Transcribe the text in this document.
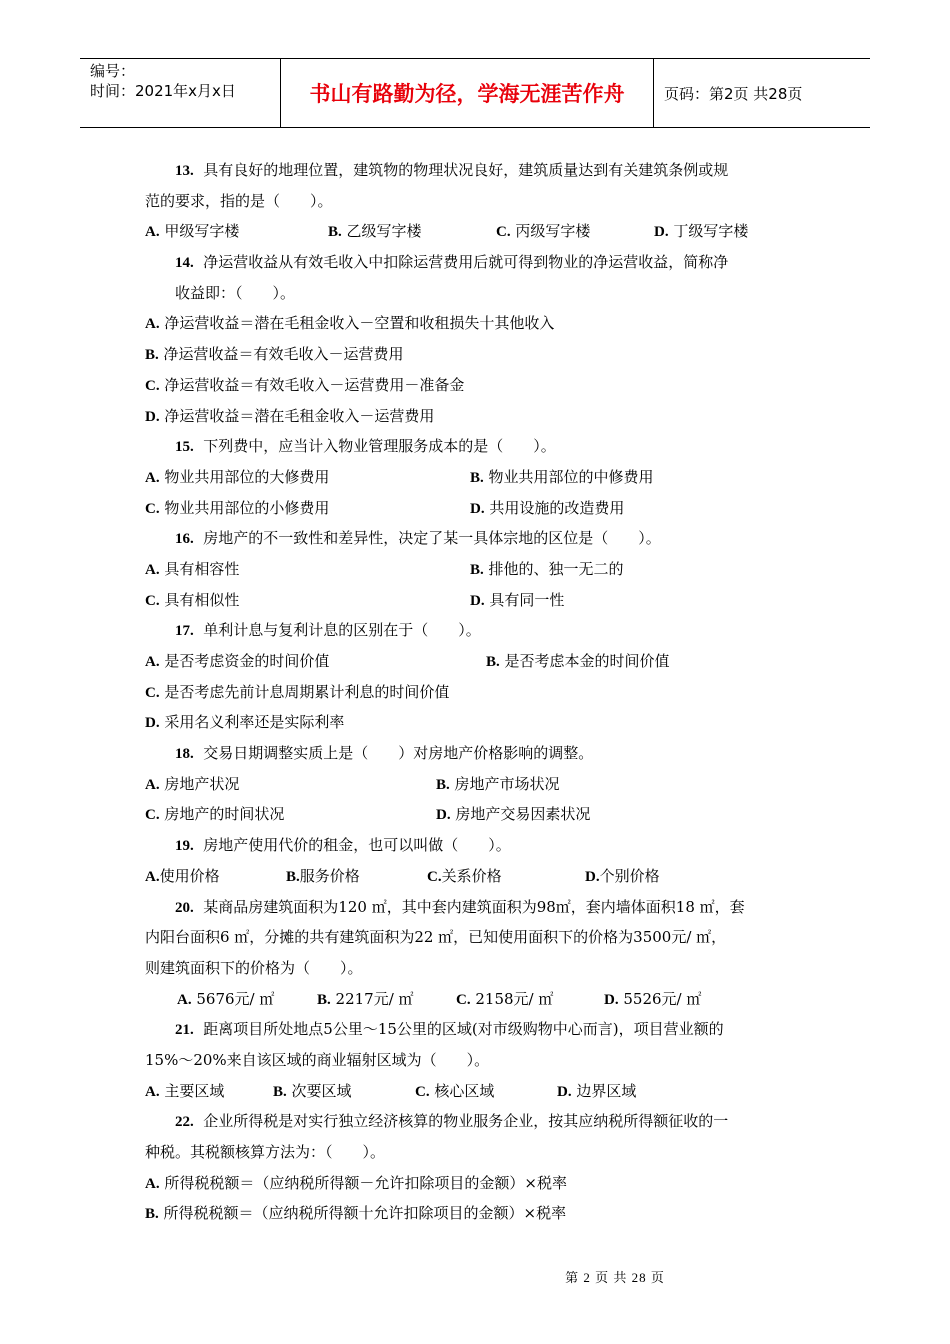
编号：
时间：2021年x月x日	书山有路勤为径，学海无涯苦作舟	页码：第2页 共28页
13. 具有良好的地理位置，建筑物的物理状况良好，建筑质量达到有关建筑条例或规
范的要求，指的是（　　）。
A. 甲级写字楼	B. 乙级写字楼	C. 丙级写字楼	D. 丁级写字楼
14. 净运营收益从有效毛收入中扣除运营费用后就可得到物业的净运营收益，简称净
收益即：（　　）。
A. 净运营收益＝潜在毛租金收入－空置和收租损失十其他收入
B. 净运营收益＝有效毛收入－运营费用
C. 净运营收益＝有效毛收入－运营费用－准备金
D. 净运营收益＝潜在毛租金收入－运营费用
15. 下列费中，应当计入物业管理服务成本的是（　　）。
A. 物业共用部位的大修费用	B. 物业共用部位的中修费用
C. 物业共用部位的小修费用	D. 共用设施的改造费用
16. 房地产的不一致性和差异性，决定了某一具体宗地的区位是（　　）。
A. 具有相容性	B. 排他的、独一无二的
C. 具有相似性	D. 具有同一性
17. 单利计息与复利计息的区别在于（　　）。
A. 是否考虑资金的时间价值	B. 是否考虑本金的时间价值
C. 是否考虑先前计息周期累计利息的时间价值
D. 采用名义利率还是实际利率
18. 交易日期调整实质上是（　　）对房地产价格影响的调整。
A. 房地产状况	B. 房地产市场状况
C. 房地产的时间状况	D. 房地产交易因素状况
19. 房地产使用代价的租金，也可以叫做（　　）。
A.使用价格	B.服务价格	C.关系价格	D.个别价格
20. 某商品房建筑面积为120 ㎡，其中套内建筑面积为98㎡，套内墙体面积18 ㎡，套
内阳台面积6 ㎡，分摊的共有建筑面积为22 ㎡，已知使用面积下的价格为3500元/ ㎡，
则建筑面积下的价格为（　　）。
A. 5676元/ ㎡	B. 2217元/ ㎡	C. 2158元/ ㎡	D. 5526元/ ㎡
21. 距离项目所处地点5公里～15公里的区域(对市级购物中心而言)，项目营业额的
15%～20%来自该区域的商业辐射区域为（　　）。
A. 主要区域	B. 次要区域	C. 核心区域	D. 边界区域
22. 企业所得税是对实行独立经济核算的物业服务企业，按其应纳税所得额征收的一
种税。其税额核算方法为：（　　）。
A. 所得税税额＝（应纳税所得额－允许扣除项目的金额）×税率
B. 所得税税额＝（应纳税所得额十允许扣除项目的金额）×税率
第 2 页 共 28 页
